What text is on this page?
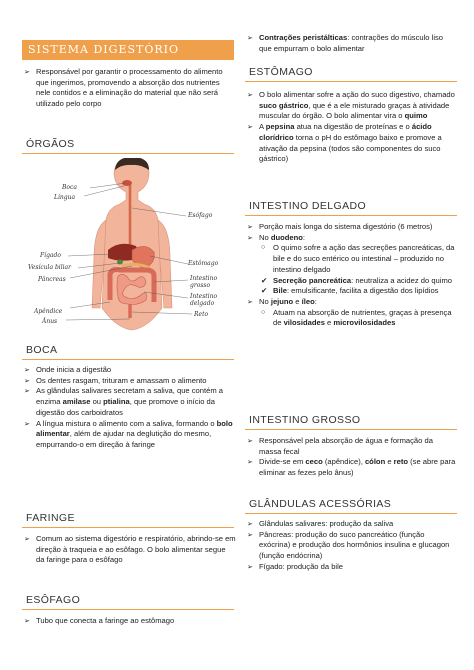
SISTEMA DIGESTÓRIO
➢ Responsável por garantir o processamento do alimento que ingerimos, promovendo a absorção dos nutrientes nele contidos e a eliminação do material que não será utilizado pelo corpo
ÓRGÃOS
Boca
Língua
Esófago
Fígado
Vesícula biliar
Pâncreas
Estômago
Intestino
grosso
Intestino
delgado
Apêndice	Reto
Ânus
BOCA
➢ Onde inicia a digestão
➢ Os dentes rasgam, trituram e amassam o alimento
➢ As glândulas salivares secretam a saliva, que contém a enzima amilase ou ptialina, que promove o início da digestão dos carboidratos
➢ A língua mistura o alimento com a saliva, formando o bolo alimentar, além de ajudar na deglutição do mesmo, empurrando-o em direção à faringe
FARINGE
➢ Comum ao sistema digestório e respiratório, abrindo-se em direção à traqueia e ao esôfago. O bolo alimentar segue da faringe para o esôfago
ESÔFAGO
➢ Tubo que conecta a faringe ao estômago
➢ Contrações peristálticas: contrações do músculo liso que empurram o bolo alimentar
ESTÔMAGO
➢ O bolo alimentar sofre a ação do suco digestivo, chamado suco gástrico, que é a ele misturado graças à atividade muscular do órgão. O bolo alimentar vira o quimo
➢ A pepsina atua na digestão de proteínas e o ácido clorídrico torna o pH do estômago baixo e promove a ativação da pepsina (todos são componentes do suco gástrico)
INTESTINO DELGADO
➢ Porção mais longa do sistema digestório (6 metros)
➢ No duodeno:
○ O quimo sofre a ação das secreções pancreáticas, da bile e do suco entérico ou intestinal – produzido no intestino delgado
✔ Secreção pancreática: neutraliza a acidez do quimo
✔ Bile: emulsificante, facilita a digestão dos lipídios
➢ No jejuno e íleo:
○ Atuam na absorção de nutrientes, graças à presença de vilosidades e microvilosidades
INTESTINO GROSSO
➢ Responsável pela absorção de água e formação da massa fecal
➢ Divide-se em ceco (apêndice), cólon e reto (se abre para eliminar as fezes pelo ânus)
GLÂNDULAS ACESSÓRIAS
➢ Glândulas salivares: produção da saliva
➢ Pâncreas: produção do suco pancreático (função exócrina) e produção dos hormônios insulina e glucagon (função endócrina)
➢ Fígado: produção da bile
